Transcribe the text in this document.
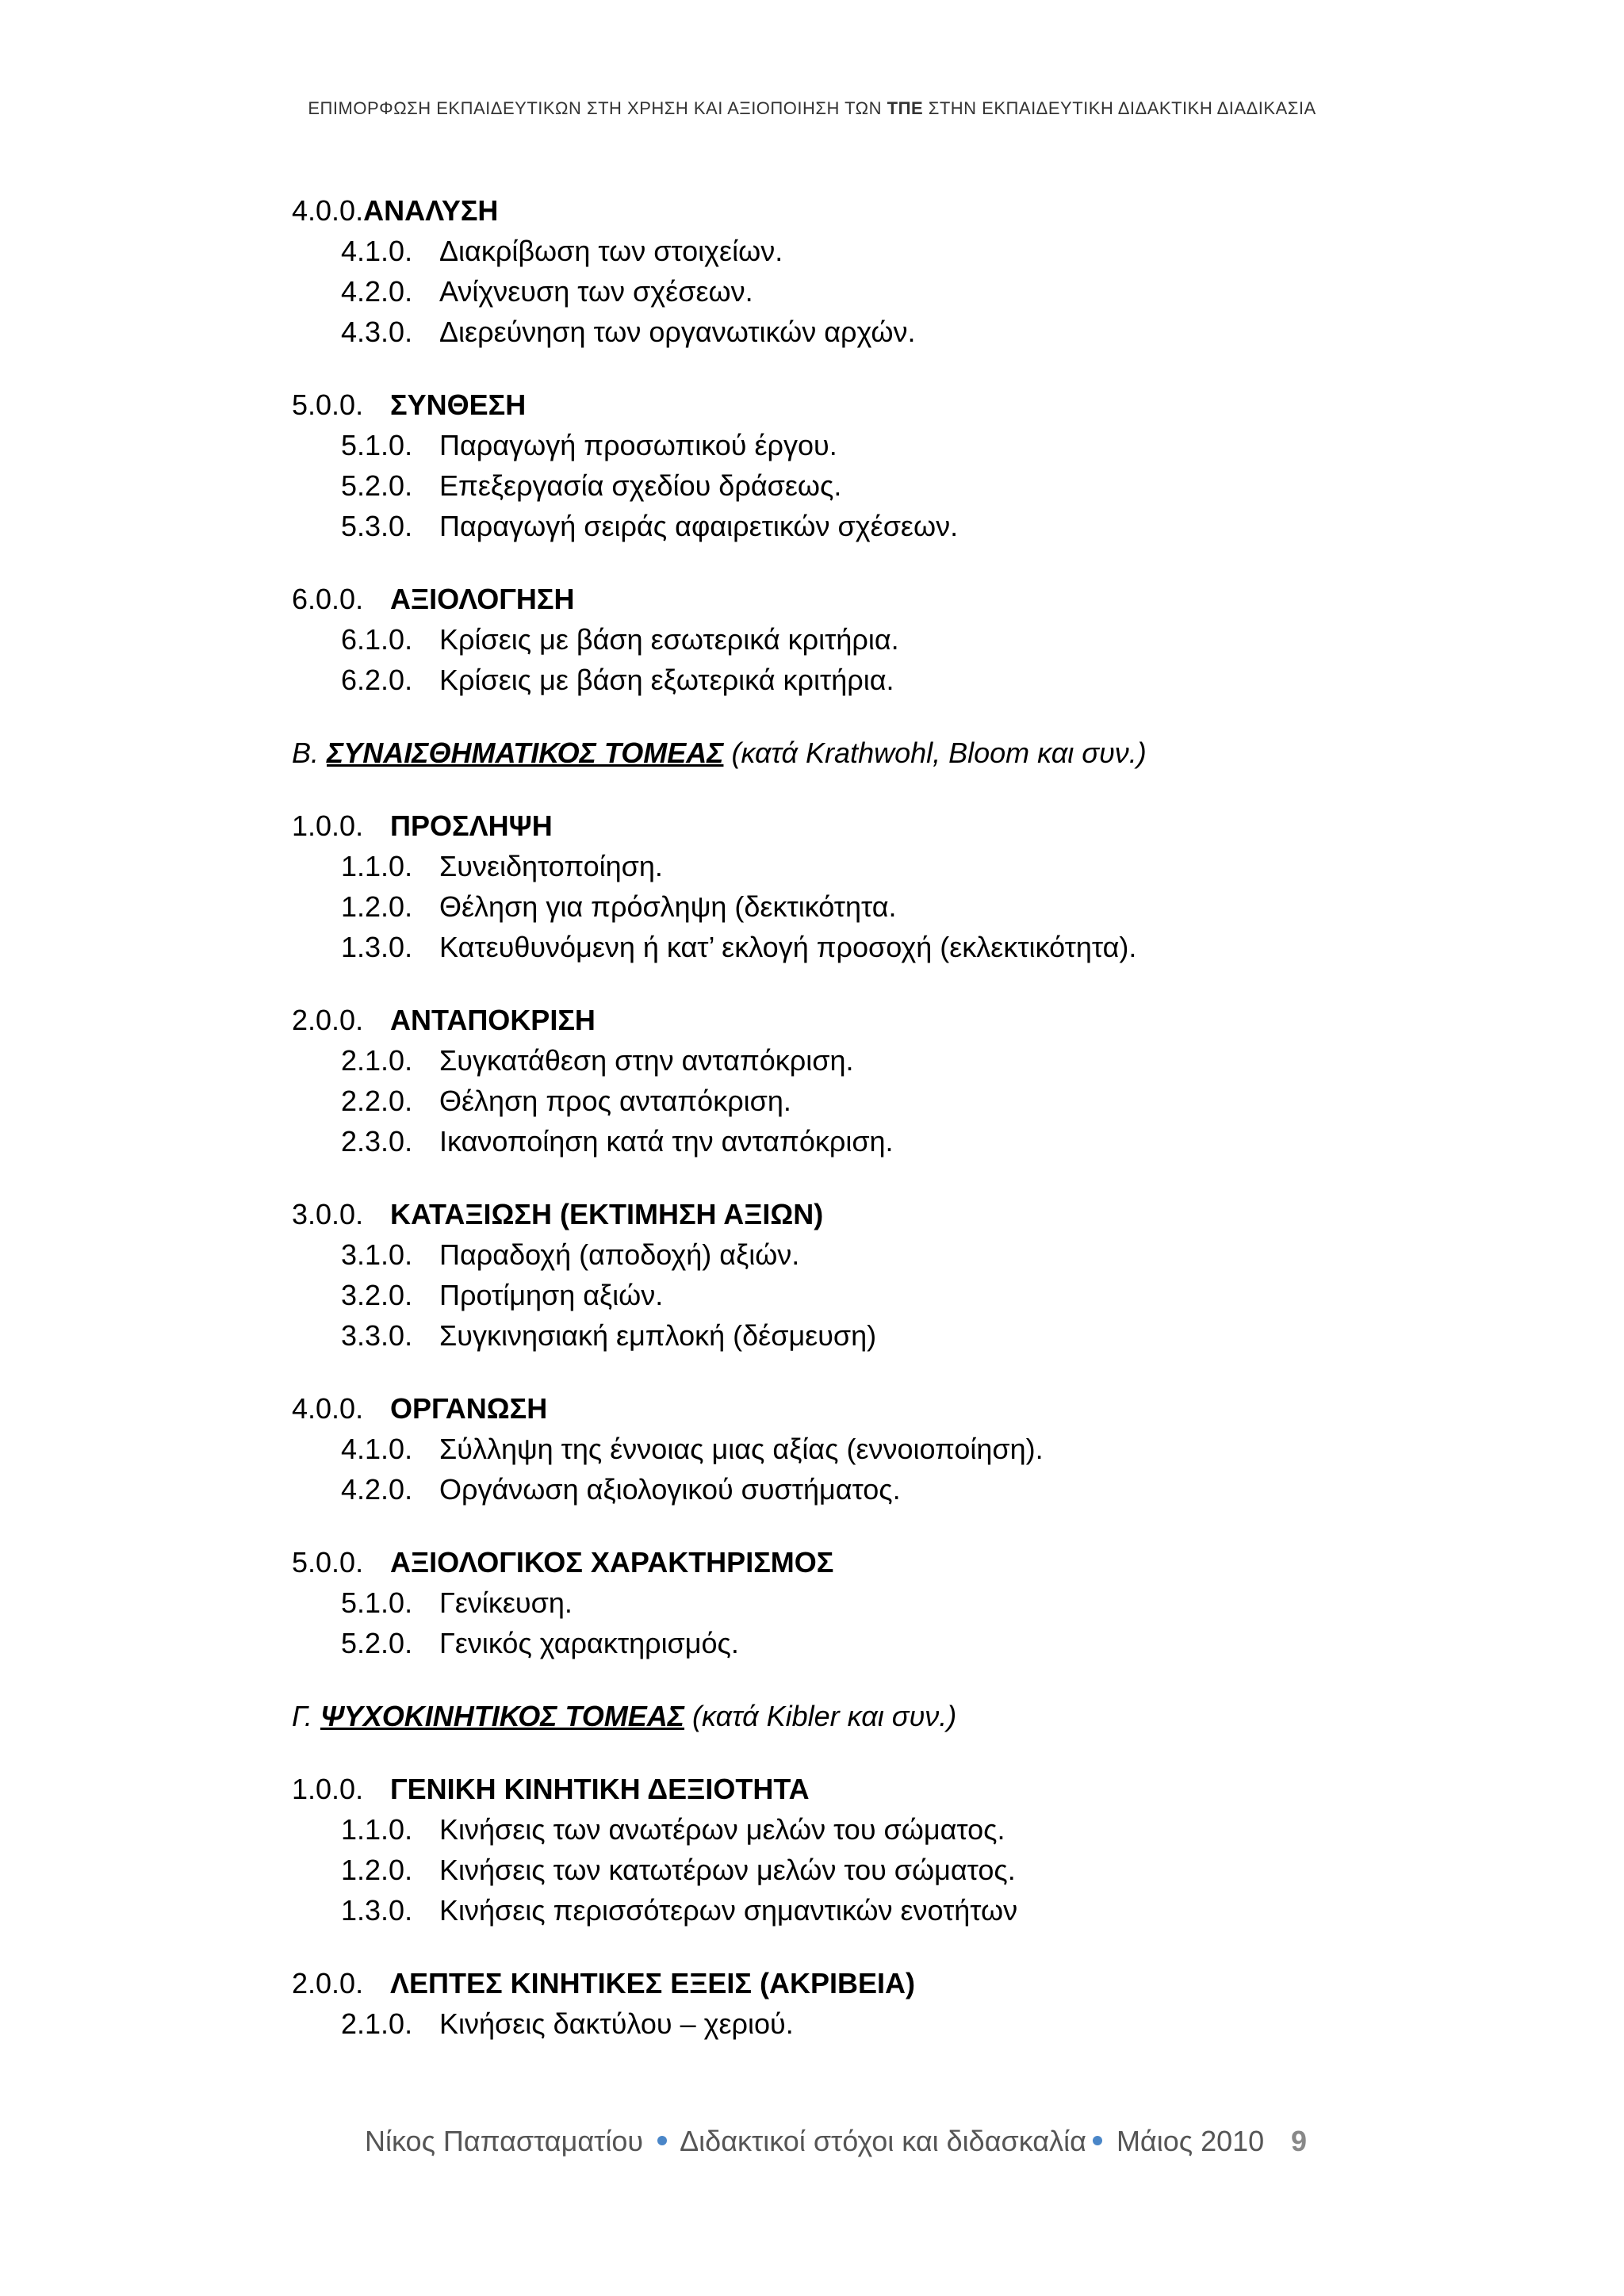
ΕΠΙΜΟΡΦΩΣΗ ΕΚΠΑΙΔΕΥΤΙΚΩΝ ΣΤΗ ΧΡΗΣΗ ΚΑΙ ΑΞΙΟΠΟΙΗΣΗ ΤΩΝ ΤΠΕ ΣΤΗΝ ΕΚΠΑΙΔΕΥΤΙΚΗ ΔΙΔΑΚΤΙΚΗ ΔΙΑΔΙΚΑΣΙΑ
4.0.0. ΑΝΑΛΥΣΗ
4.1.0. Διακρίβωση των στοιχείων.
4.2.0. Ανίχνευση των σχέσεων.
4.3.0. Διερεύνηση των οργανωτικών αρχών.
5.0.0. ΣΥΝΘΕΣΗ
5.1.0. Παραγωγή προσωπικού έργου.
5.2.0. Επεξεργασία σχεδίου δράσεως.
5.3.0. Παραγωγή σειράς αφαιρετικών σχέσεων.
6.0.0. ΑΞΙΟΛΟΓΗΣΗ
6.1.0. Κρίσεις με βάση εσωτερικά κριτήρια.
6.2.0. Κρίσεις με βάση εξωτερικά κριτήρια.
Β. ΣΥΝΑΙΣΘΗΜΑΤΙΚΟΣ ΤΟΜΕΑΣ (κατά Krathwohl, Bloom και συν.)
1.0.0. ΠΡΟΣΛΗΨΗ
1.1.0. Συνειδητοποίηση.
1.2.0. Θέληση για πρόσληψη (δεκτικότητα.
1.3.0. Κατευθυνόμενη ή κατ’ εκλογή προσοχή (εκλεκτικότητα).
2.0.0. ΑΝΤΑΠΟΚΡΙΣΗ
2.1.0. Συγκατάθεση στην ανταπόκριση.
2.2.0. Θέληση προς ανταπόκριση.
2.3.0. Ικανοποίηση κατά την ανταπόκριση.
3.0.0. ΚΑΤΑΞΙΩΣΗ (ΕΚΤΙΜΗΣΗ ΑΞΙΩΝ)
3.1.0. Παραδοχή (αποδοχή) αξιών.
3.2.0. Προτίμηση αξιών.
3.3.0. Συγκινησιακή εμπλοκή (δέσμευση)
4.0.0. ΟΡΓΑΝΩΣΗ
4.1.0. Σύλληψη της έννοιας μιας αξίας (εννοιοποίηση).
4.2.0. Οργάνωση αξιολογικού συστήματος.
5.0.0. ΑΞΙΟΛΟΓΙΚΟΣ ΧΑΡΑΚΤΗΡΙΣΜΟΣ
5.1.0. Γενίκευση.
5.2.0. Γενικός χαρακτηρισμός.
Γ. ΨΥΧΟΚΙΝΗΤΙΚΟΣ ΤΟΜΕΑΣ (κατά Kibler και συν.)
1.0.0. ΓΕΝΙΚΗ ΚΙΝΗΤΙΚΗ ΔΕΞΙΟΤΗΤΑ
1.1.0. Κινήσεις των ανωτέρων μελών του σώματος.
1.2.0. Κινήσεις των κατωτέρων μελών του σώματος.
1.3.0. Κινήσεις περισσότερων σημαντικών ενοτήτων
2.0.0. ΛΕΠΤΕΣ ΚΙΝΗΤΙΚΕΣ ΕΞΕΙΣ (ΑΚΡΙΒΕΙΑ)
2.1.0. Κινήσεις δακτύλου – χεριού.
Νίκος Παπασταματίου  Διδακτικοί στόχοι και διδασκαλία Μάιος 2010 9
